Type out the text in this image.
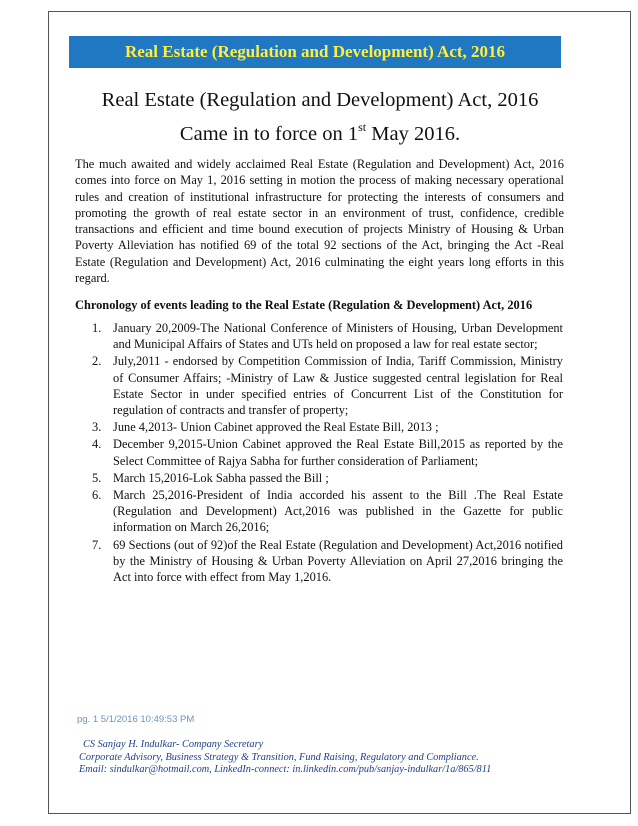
Real Estate (Regulation and Development) Act, 2016
Real Estate (Regulation and Development) Act, 2016
Came in to force on 1st May 2016.
The much awaited and widely acclaimed Real Estate (Regulation and Development) Act, 2016 comes into force on May 1, 2016 setting in motion the process of making necessary operational rules and creation of institutional infrastructure for protecting the interests of consumers and promoting the growth of real estate sector in an environment of trust, confidence, credible transactions and efficient and time bound execution of projects Ministry of Housing & Urban Poverty Alleviation has notified 69 of the total 92 sections of the Act, bringing the Act -Real Estate (Regulation and Development) Act, 2016 culminating the eight years long efforts in this regard.
Chronology of events leading to the Real Estate (Regulation & Development) Act, 2016
1. January 20,2009-The National Conference of Ministers of Housing, Urban Development and Municipal Affairs of States and UTs held on proposed a law for real estate sector;
2. July,2011 - endorsed by Competition Commission of India, Tariff Commission, Ministry of Consumer Affairs; -Ministry of Law & Justice suggested central legislation for Real Estate Sector in under specified entries of Concurrent List of the Constitution for regulation of contracts and transfer of property;
3. June 4,2013- Union Cabinet approved the Real Estate Bill, 2013 ;
4. December 9,2015-Union Cabinet approved the Real Estate Bill,2015 as reported by the Select Committee of Rajya Sabha for further consideration of Parliament;
5. March 15,2016-Lok Sabha passed the Bill ;
6. March 25,2016-President of India accorded his assent to the Bill .The Real Estate (Regulation and Development) Act,2016 was published in the Gazette for public information on March 26,2016;
7. 69 Sections (out of 92)of the Real Estate (Regulation and Development) Act,2016 notified by the Ministry of Housing & Urban Poverty Alleviation on April 27,2016 bringing the Act into force with effect from May 1,2016.
pg. 1 5/1/2016 10:49:53 PM
CS Sanjay H. Indulkar- Company Secretary
Corporate Advisory, Business Strategy & Transition, Fund Raising, Regulatory and Compliance.
Email: sindulkar@hotmail.com, LinkedIn-connect: in.linkedin.com/pub/sanjay-indulkar/1a/865/811
